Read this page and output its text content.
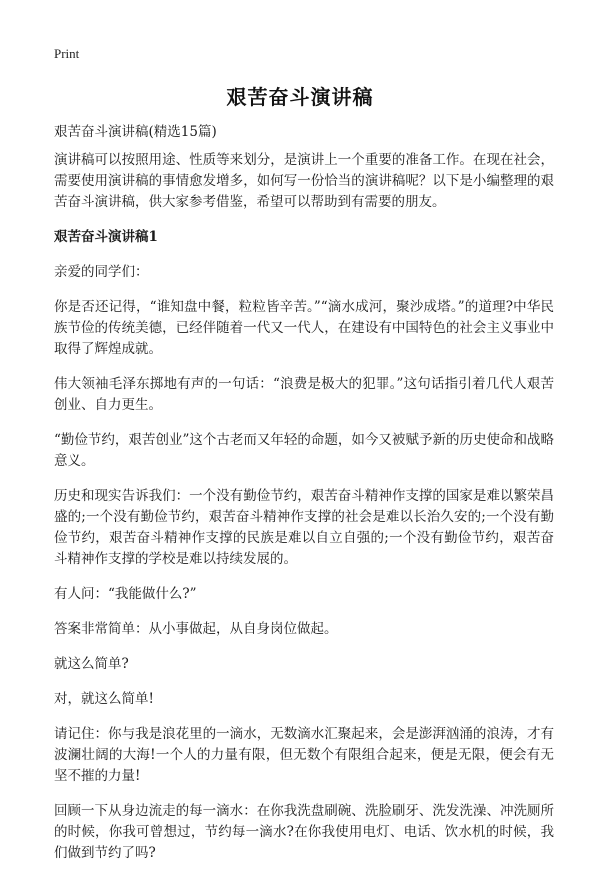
Print
艰苦奋斗演讲稿
艰苦奋斗演讲稿(精选15篇)

演讲稿可以按照用途、性质等来划分，是演讲上一个重要的准备工作。在现在社会，需要使用演讲稿的事情愈发增多，如何写一份恰当的演讲稿呢？以下是小编整理的艰苦奋斗演讲稿，供大家参考借鉴，希望可以帮助到有需要的朋友。

艰苦奋斗演讲稿1

亲爱的同学们：

你是否还记得，“谁知盘中餐，粒粒皆辛苦。”“滴水成河，聚沙成塔。”的道理?中华民族节俭的传统美德，已经伴随着一代又一代人，在建设有中国特色的社会主义事业中取得了辉煌成就。

伟大领袖毛泽东掷地有声的一句话：“浪费是极大的犯罪。”这句话指引着几代人艰苦创业、自力更生。

“勤俭节约，艰苦创业”这个古老而又年轻的命题，如今又被赋予新的历史使命和战略意义。

历史和现实告诉我们：一个没有勤俭节约，艰苦奋斗精神作支撑的国家是难以繁荣昌盛的;一个没有勤俭节约，艰苦奋斗精神作支撑的社会是难以长治久安的;一个没有勤俭节约，艰苦奋斗精神作支撑的民族是难以自立自强的;一个没有勤俭节约，艰苦奋斗精神作支撑的学校是难以持续发展的。

有人问：“我能做什么?”

答案非常简单：从小事做起，从自身岗位做起。

就这么简单?

对，就这么简单!

请记住：你与我是浪花里的一滴水，无数滴水汇聚起来，会是澎湃汹涌的浪涛，才有波澜壮阔的大海!一个人的力量有限，但无数个有限组合起来，便是无限，便会有无坚不摧的力量!

回顾一下从身边流走的每一滴水：在你我洗盘刷碗、洗脸刷牙、洗发洗澡、冲洗厕所的时候，你我可曾想过，节约每一滴水?在你我使用电灯、电话、饮水机的时候，我们做到节约了吗?
